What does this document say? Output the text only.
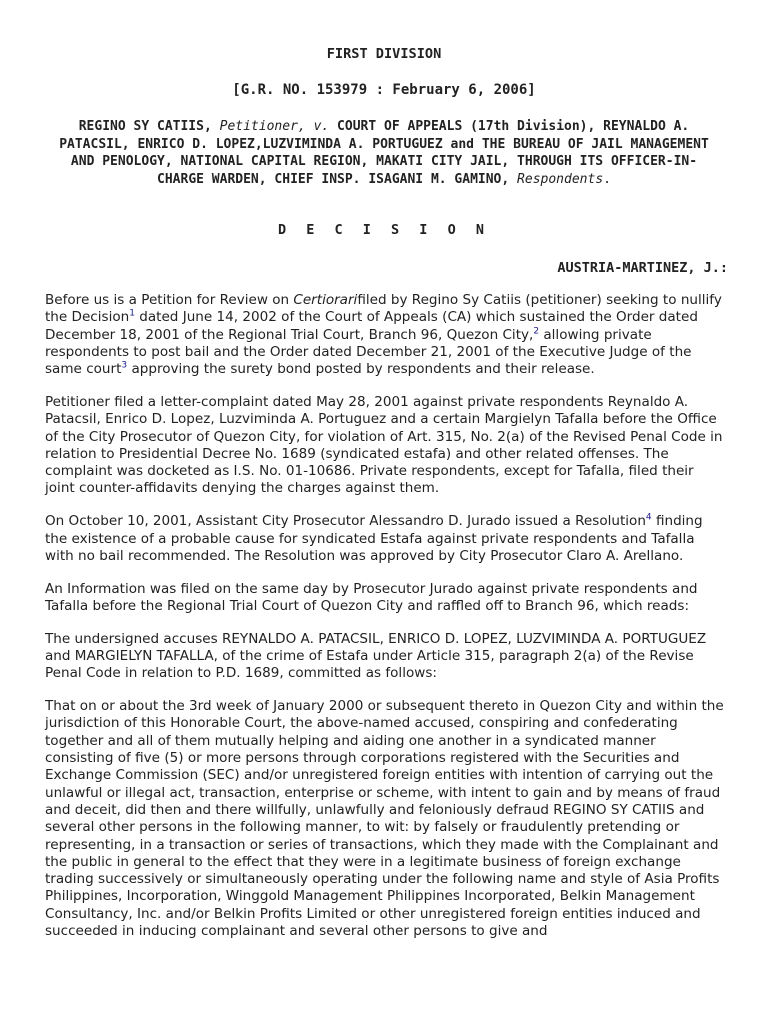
FIRST DIVISION
[G.R. NO. 153979 : February 6, 2006]
REGINO SY CATIIS, Petitioner, v. COURT OF APPEALS (17th Division), REYNALDO A. PATACSIL, ENRICO D. LOPEZ,LUZVIMINDA A. PORTUGUEZ and THE BUREAU OF JAIL MANAGEMENT AND PENOLOGY, NATIONAL CAPITAL REGION, MAKATI CITY JAIL, THROUGH ITS OFFICER-IN-CHARGE WARDEN, CHIEF INSP. ISAGANI M. GAMINO, Respondents.
D E C I S I O N
AUSTRIA-MARTINEZ, J.:

Before us is a Petition for Review on Certiorarifiled by Regino Sy Catiis (petitioner) seeking to nullify the Decision$^1$ dated June 14, 2002 of the Court of Appeals (CA) which sustained the Order dated December 18, 2001 of the Regional Trial Court, Branch 96, Quezon City,$^2$ allowing private respondents to post bail and the Order dated December 21, 2001 of the Executive Judge of the same court$^3$ approving the surety bond posted by respondents and their release.

Petitioner filed a letter-complaint dated May 28, 2001 against private respondents Reynaldo A. Patacsil, Enrico D. Lopez, Luzviminda A. Portuguez and a certain Margielyn Tafalla before the Office of the City Prosecutor of Quezon City, for violation of Art. 315, No. 2(a) of the Revised Penal Code in relation to Presidential Decree No. 1689 (syndicated estafa) and other related offenses. The complaint was docketed as I.S. No. 01-10686. Private respondents, except for Tafalla, filed their joint counter-affidavits denying the charges against them.

On October 10, 2001, Assistant City Prosecutor Alessandro D. Jurado issued a Resolution$^4$ finding the existence of a probable cause for syndicated Estafa against private respondents and Tafalla with no bail recommended. The Resolution was approved by City Prosecutor Claro A. Arellano.

An Information was filed on the same day by Prosecutor Jurado against private respondents and Tafalla before the Regional Trial Court of Quezon City and raffled off to Branch 96, which reads:

The undersigned accuses REYNALDO A. PATACSIL, ENRICO D. LOPEZ, LUZVIMINDA A. PORTUGUEZ and MARGIELYN TAFALLA, of the crime of Estafa under Article 315, paragraph 2(a) of the Revise Penal Code in relation to P.D. 1689, committed as follows:

That on or about the 3rd week of January 2000 or subsequent thereto in Quezon City and within the jurisdiction of this Honorable Court, the above-named accused, conspiring and confederating together and all of them mutually helping and aiding one another in a syndicated manner consisting of five (5) or more persons through corporations registered with the Securities and Exchange Commission (SEC) and/or unregistered foreign entities with intention of carrying out the unlawful or illegal act, transaction, enterprise or scheme, with intent to gain and by means of fraud and deceit, did then and there willfully, unlawfully and feloniously defraud REGINO SY CATIIS and several other persons in the following manner, to wit: by falsely or fraudulently pretending or representing, in a transaction or series of transactions, which they made with the Complainant and the public in general to the effect that they were in a legitimate business of foreign exchange trading successively or simultaneously operating under the following name and style of Asia Profits Philippines, Incorporation, Winggold Management Philippines Incorporated, Belkin Management Consultancy, Inc. and/or Belkin Profits Limited or other unregistered foreign entities induced and succeeded in inducing complainant and several other persons to give and
